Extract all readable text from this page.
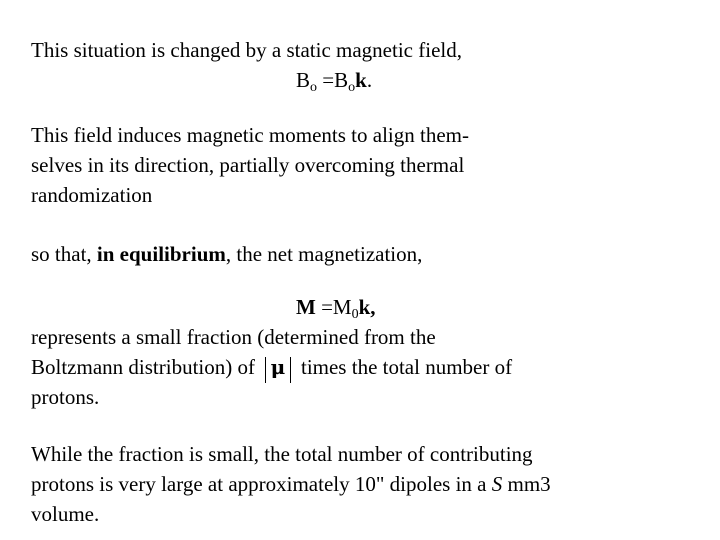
This situation is changed by a static magnetic field,
$B_o =B_ok$.
This field induces magnetic moments to align them-
selves in its direction, partially overcoming thermal
randomization
so that, in equilibrium, the net magnetization,
$M =M_0k$,
represents a small fraction (determined from the
Boltzmann distribution) of μ times the total number of
protons.
While the fraction is small, the total number of contributing
protons is very large at approximately 10" dipoles in a S mm3
volume.
